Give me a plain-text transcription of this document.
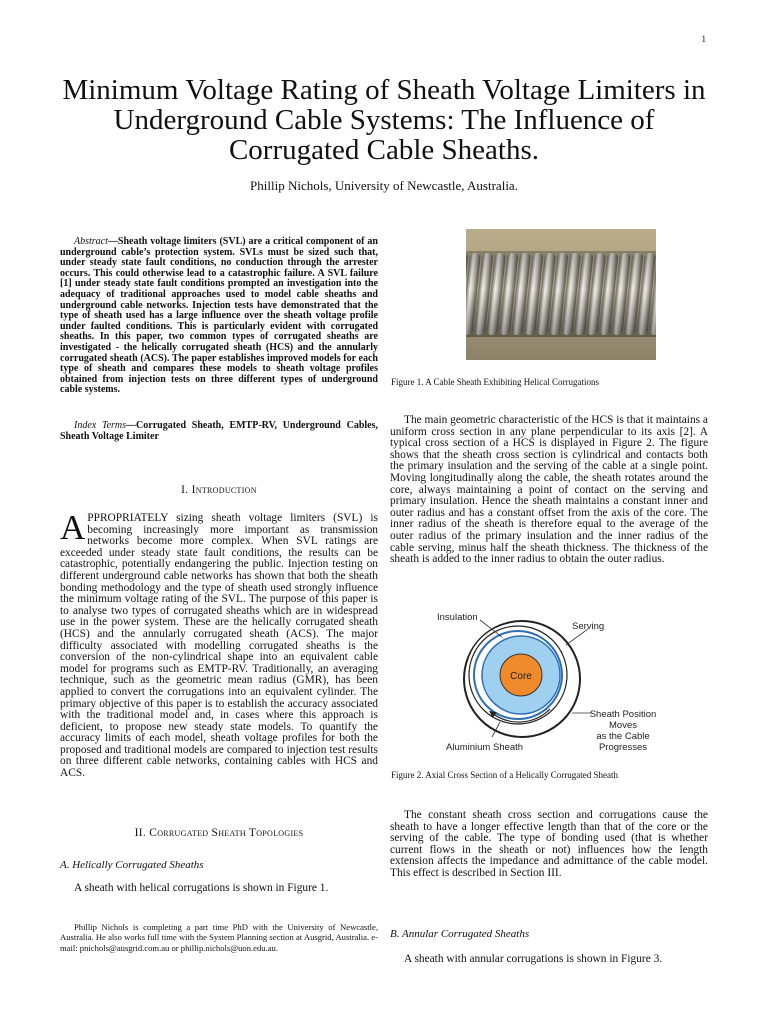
1
Minimum Voltage Rating of Sheath Voltage Limiters in Underground Cable Systems: The Influence of Corrugated Cable Sheaths.
Phillip Nichols, University of Newcastle, Australia.
Abstract—Sheath voltage limiters (SVL) are a critical component of an underground cable’s protection system. SVLs must be sized such that, under steady state fault conditions, no conduction through the arrester occurs. This could otherwise lead to a catastrophic failure. A SVL failure [1] under steady state fault conditions prompted an investigation into the adequacy of traditional approaches used to model cable sheaths and underground cable networks. Injection tests have demonstrated that the type of sheath used has a large influence over the sheath voltage profile under faulted conditions. This is particularly evident with corrugated sheaths. In this paper, two common types of corrugated sheaths are investigated - the helically corrugated sheath (HCS) and the annularly corrugated sheath (ACS). The paper establishes improved models for each type of sheath and compares these models to sheath voltage profiles obtained from injection tests on three different types of underground cable systems.
Index Terms—Corrugated Sheath, EMTP-RV, Underground Cables, Sheath Voltage Limiter
I. Introduction
APPROPRIATELY sizing sheath voltage limiters (SVL) is becoming increasingly more important as transmission networks become more complex. When SVL ratings are exceeded under steady state fault conditions, the results can be catastrophic, potentially endangering the public. Injection testing on different underground cable networks has shown that both the sheath bonding methodology and the type of sheath used strongly influence the minimum voltage rating of the SVL. The purpose of this paper is to analyse two types of corrugated sheaths which are in widespread use in the power system. These are the helically corrugated sheath (HCS) and the annularly corrugated sheath (ACS). The major difficulty associated with modelling corrugated sheaths is the conversion of the non-cylindrical shape into an equivalent cable model for programs such as EMTP-RV. Traditionally, an averaging technique, such as the geometric mean radius (GMR), has been applied to convert the corrugations into an equivalent cylinder. The primary objective of this paper is to establish the accuracy associated with the traditional model and, in cases where this approach is deficient, to propose new steady state models. To quantify the accuracy limits of each model, sheath voltage profiles for both the proposed and traditional models are compared to injection test results on three different cable networks, containing cables with HCS and ACS.
II. Corrugated Sheath Topologies
A. Helically Corrugated Sheaths
A sheath with helical corrugations is shown in Figure 1.
Phillip Nichols is completing a part time PhD with the University of Newcastle, Australia. He also works full time with the System Planning section at Ausgrid, Australia. e-mail: pnichols@ausgrid.com.au or phillip.nichols@uon.edu.au.
Figure 1. A Cable Sheath Exhibiting Helical Corrugations
The main geometric characteristic of the HCS is that it maintains a uniform cross section in any plane perpendicular to its axis [2]. A typical cross section of a HCS is displayed in Figure 2. The figure shows that the sheath cross section is cylindrical and contacts both the primary insulation and the serving of the cable at a single point. Moving longitudinally along the cable, the sheath rotates around the core, always maintaining a point of contact on the serving and primary insulation. Hence the sheath maintains a constant inner and outer radius and has a constant offset from the axis of the core. The inner radius of the sheath is therefore equal to the average of the outer radius of the primary insulation and the inner radius of the cable serving, minus half the sheath thickness. The thickness of the sheath is added to the inner radius to obtain the outer radius.
Insulation
Serving
Core
Sheath Position
Moves
as the Cable
Progresses
Aluminium Sheath
Figure 2. Axial Cross Section of a Helically Corrugated Sheath
The constant sheath cross section and corrugations cause the sheath to have a longer effective length than that of the core or the serving of the cable. The type of bonding used (that is whether current flows in the sheath or not) influences how the length extension affects the impedance and admittance of the cable model. This effect is described in Section III.
B. Annular Corrugated Sheaths
A sheath with annular corrugations is shown in Figure 3.
